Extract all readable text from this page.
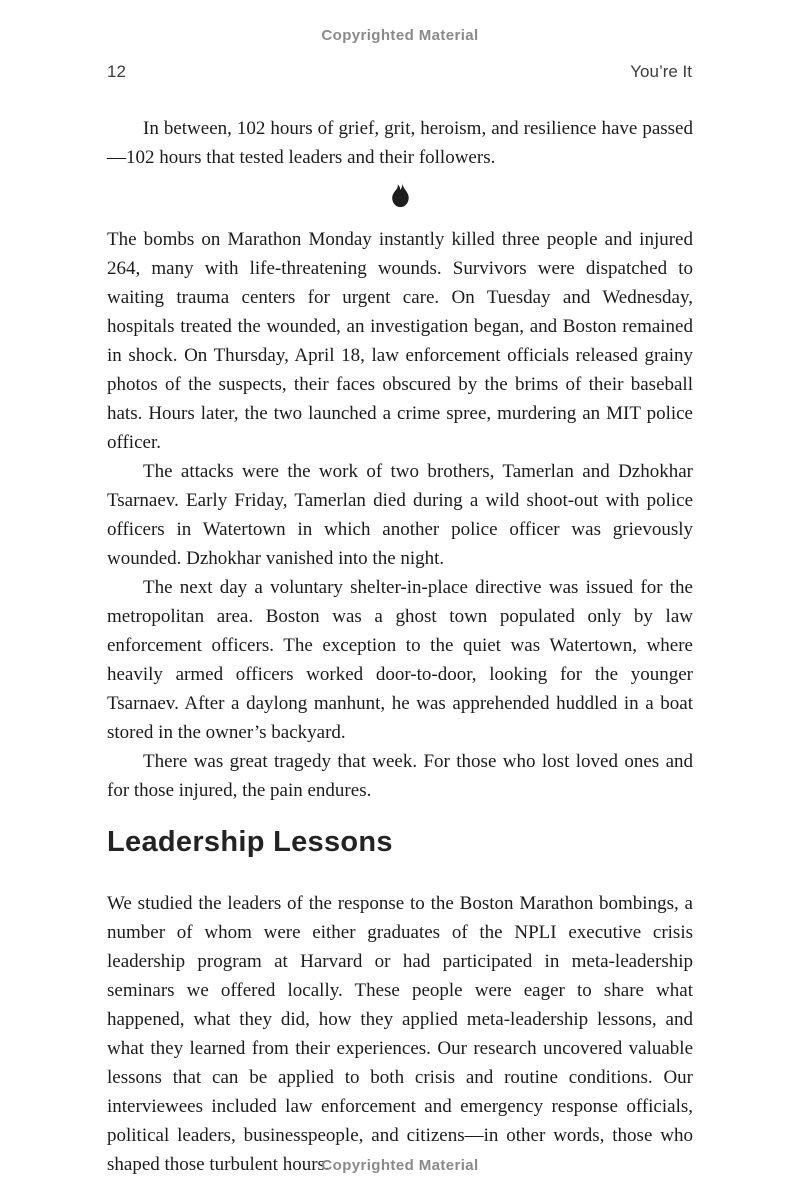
Copyrighted Material
12	You’re It

In between, 102 hours of grief, grit, heroism, and resilience have passed—102 hours that tested leaders and their followers.

The bombs on Marathon Monday instantly killed three people and injured 264, many with life-threatening wounds. Survivors were dispatched to waiting trauma centers for urgent care. On Tuesday and Wednesday, hospitals treated the wounded, an investigation began, and Boston remained in shock. On Thursday, April 18, law enforcement officials released grainy photos of the suspects, their faces obscured by the brims of their baseball hats. Hours later, the two launched a crime spree, murdering an MIT police officer.

The attacks were the work of two brothers, Tamerlan and Dzhokhar Tsarnaev. Early Friday, Tamerlan died during a wild shoot-out with police officers in Watertown in which another police officer was grievously wounded. Dzhokhar vanished into the night.

The next day a voluntary shelter-in-place directive was issued for the metropolitan area. Boston was a ghost town populated only by law enforcement officers. The exception to the quiet was Watertown, where heavily armed officers worked door-to-door, looking for the younger Tsarnaev. After a daylong manhunt, he was apprehended huddled in a boat stored in the owner’s backyard.

There was great tragedy that week. For those who lost loved ones and for those injured, the pain endures.

Leadership Lessons

We studied the leaders of the response to the Boston Marathon bombings, a number of whom were either graduates of the NPLI executive crisis leadership program at Harvard or had participated in meta-leadership seminars we offered locally. These people were eager to share what happened, what they did, how they applied meta-leadership lessons, and what they learned from their experiences. Our research uncovered valuable lessons that can be applied to both crisis and routine conditions. Our interviewees included law enforcement and emergency response officials, political leaders, businesspeople, and citizens—in other words, those who shaped those turbulent hours.

Copyrighted Material
